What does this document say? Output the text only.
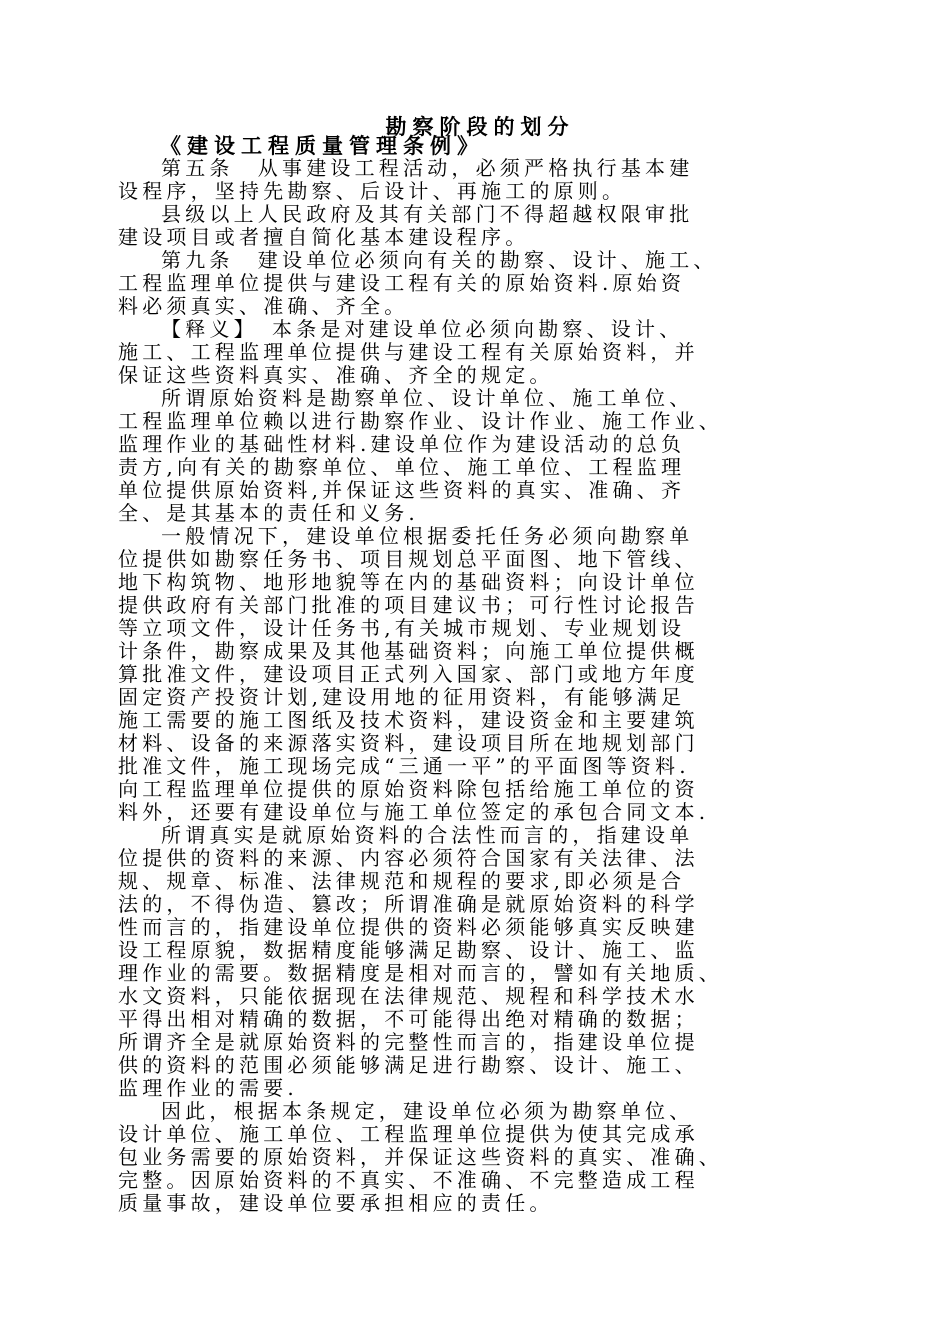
勘察阶段的划分
《建设工程质量管理条例》
第五条　从事建设工程活动，必须严格执行基本建
设程序，坚持先勘察、后设计、再施工的原则。
县级以上人民政府及其有关部门不得超越权限审批
建设项目或者擅自简化基本建设程序。
第九条　建设单位必须向有关的勘察、设计、施工、
工程监理单位提供与建设工程有关的原始资料.原始资
料必须真实、准确、齐全。
【释义】　本条是对建设单位必须向勘察、设计、
施工、工程监理单位提供与建设工程有关原始资料，并
保证这些资料真实、准确、齐全的规定。
所谓原始资料是勘察单位、设计单位、施工单位、
工程监理单位赖以进行勘察作业、设计作业、施工作业、
监理作业的基础性材料.建设单位作为建设活动的总负
责方,向有关的勘察单位、单位、施工单位、工程监理
单位提供原始资料,并保证这些资料的真实、准确、齐
全、是其基本的责任和义务.
一般情况下，建设单位根据委托任务必须向勘察单
位提供如勘察任务书、项目规划总平面图、地下管线、
地下构筑物、地形地貌等在内的基础资料；向设计单位
提供政府有关部门批准的项目建议书；可行性讨论报告
等立项文件，设计任务书,有关城市规划、专业规划设
计条件，勘察成果及其他基础资料；向施工单位提供概
算批准文件，建设项目正式列入国家、部门或地方年度
固定资产投资计划,建设用地的征用资料，有能够满足
施工需要的施工图纸及技术资料，建设资金和主要建筑
材料、设备的来源落实资料，建设项目所在地规划部门
批准文件，施工现场完成“三通一平”的平面图等资料.
向工程监理单位提供的原始资料除包括给施工单位的资
料外，还要有建设单位与施工单位签定的承包合同文本.
所谓真实是就原始资料的合法性而言的，指建设单
位提供的资料的来源、内容必须符合国家有关法律、法
规、规章、标准、法律规范和规程的要求,即必须是合
法的，不得伪造、篡改；所谓准确是就原始资料的科学
性而言的，指建设单位提供的资料必须能够真实反映建
设工程原貌，数据精度能够满足勘察、设计、施工、监
理作业的需要。数据精度是相对而言的，譬如有关地质、
水文资料，只能依据现在法律规范、规程和科学技术水
平得出相对精确的数据，不可能得出绝对精确的数据；
所谓齐全是就原始资料的完整性而言的，指建设单位提
供的资料的范围必须能够满足进行勘察、设计、施工、
监理作业的需要.
因此，根据本条规定，建设单位必须为勘察单位、
设计单位、施工单位、工程监理单位提供为使其完成承
包业务需要的原始资料，并保证这些资料的真实、准确、
完整。因原始资料的不真实、不准确、不完整造成工程
质量事故，建设单位要承担相应的责任。
